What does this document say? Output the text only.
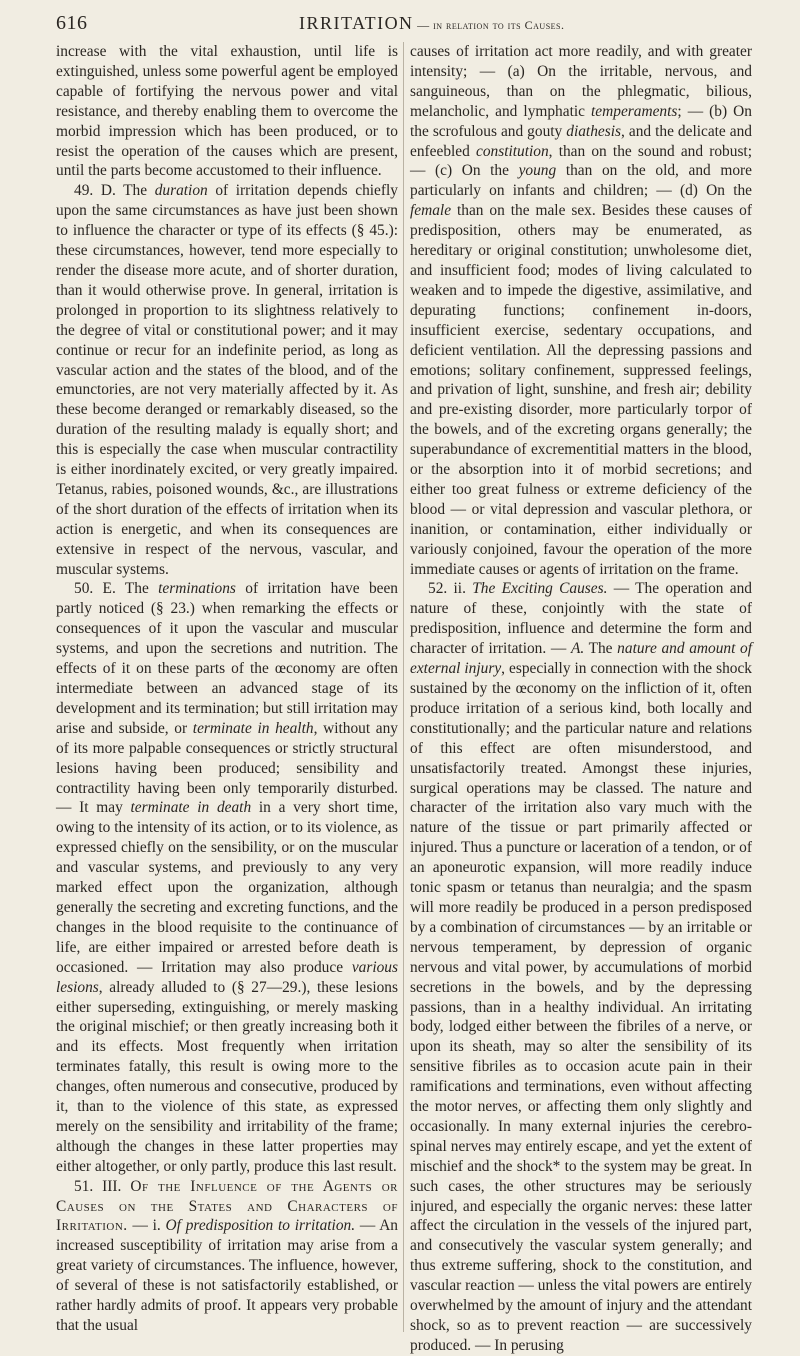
616	IRRITATION — in relation to its Causes.

increase with the vital exhaustion, until life is extinguished, unless some powerful agent be employed capable of fortifying the nervous power and vital resistance, and thereby enabling them to overcome the morbid impression which has been produced, or to resist the operation of the causes which are present, until the parts become accustomed to their influence.

49. D. The duration of irritation depends chiefly upon the same circumstances as have just been shown to influence the character or type of its effects (§ 45.): these circumstances, however, tend more especially to render the disease more acute, and of shorter duration, than it would otherwise prove. In general, irritation is prolonged in proportion to its slightness relatively to the degree of vital or constitutional power; and it may continue or recur for an indefinite period, as long as vascular action and the states of the blood, and of the emunctories, are not very materially affected by it. As these become deranged or remarkably diseased, so the duration of the resulting malady is equally short; and this is especially the case when muscular contractility is either inordinately excited, or very greatly impaired. Tetanus, rabies, poisoned wounds, &c., are illustrations of the short duration of the effects of irritation when its action is energetic, and when its consequences are extensive in respect of the nervous, vascular, and muscular systems.

50. E. The terminations of irritation have been partly noticed (§ 23.) when remarking the effects or consequences of it upon the vascular and muscular systems, and upon the secretions and nutrition. The effects of it on these parts of the œconomy are often intermediate between an advanced stage of its development and its termination; but still irritation may arise and subside, or terminate in health, without any of its more palpable consequences or strictly structural lesions having been produced; sensibility and contractility having been only temporarily disturbed. — It may terminate in death in a very short time, owing to the intensity of its action, or to its violence, as expressed chiefly on the sensibility, or on the muscular and vascular systems, and previously to any very marked effect upon the organization, although generally the secreting and excreting functions, and the changes in the blood requisite to the continuance of life, are either impaired or arrested before death is occasioned. — Irritation may also produce various lesions, already alluded to (§ 27—29.), these lesions either superseding, extinguishing, or merely masking the original mischief; or then greatly increasing both it and its effects. Most frequently when irritation terminates fatally, this result is owing more to the changes, often numerous and consecutive, produced by it, than to the violence of this state, as expressed merely on the sensibility and irritability of the frame; although the changes in these latter properties may either altogether, or only partly, produce this last result.

51. III. Of the Influence of the Agents or Causes on the States and Characters of Irritation. — i. Of predisposition to irritation. — An increased susceptibility of irritation may arise from a great variety of circumstances. The influence, however, of several of these is not satisfactorily established, or rather hardly admits of proof. It appears very probable that the usual

causes of irritation act more readily, and with greater intensity; — (a) On the irritable, nervous, and sanguineous, than on the phlegmatic, bilious, melancholic, and lymphatic temperaments; — (b) On the scrofulous and gouty diathesis, and the delicate and enfeebled constitution, than on the sound and robust; — (c) On the young than on the old, and more particularly on infants and children; — (d) On the female than on the male sex. Besides these causes of predisposition, others may be enumerated, as hereditary or original constitution; unwholesome diet, and insufficient food; modes of living calculated to weaken and to impede the digestive, assimilative, and depurating functions; confinement in-doors, insufficient exercise, sedentary occupations, and deficient ventilation. All the depressing passions and emotions; solitary confinement, suppressed feelings, and privation of light, sunshine, and fresh air; debility and pre-existing disorder, more particularly torpor of the bowels, and of the excreting organs generally; the superabundance of excrementitial matters in the blood, or the absorption into it of morbid secretions; and either too great fulness or extreme deficiency of the blood — or vital depression and vascular plethora, or inanition, or contamination, either individually or variously conjoined, favour the operation of the more immediate causes or agents of irritation on the frame.

52. ii. The Exciting Causes. — The operation and nature of these, conjointly with the state of predisposition, influence and determine the form and character of irritation. — A. The nature and amount of external injury, especially in connection with the shock sustained by the œconomy on the infliction of it, often produce irritation of a serious kind, both locally and constitutionally; and the particular nature and relations of this effect are often misunderstood, and unsatisfactorily treated. Amongst these injuries, surgical operations may be classed. The nature and character of the irritation also vary much with the nature of the tissue or part primarily affected or injured. Thus a puncture or laceration of a tendon, or of an aponeurotic expansion, will more readily induce tonic spasm or tetanus than neuralgia; and the spasm will more readily be produced in a person predisposed by a combination of circumstances — by an irritable or nervous temperament, by depression of organic nervous and vital power, by accumulations of morbid secretions in the bowels, and by the depressing passions, than in a healthy individual. An irritating body, lodged either between the fibriles of a nerve, or upon its sheath, may so alter the sensibility of its sensitive fibriles as to occasion acute pain in their ramifications and terminations, even without affecting the motor nerves, or affecting them only slightly and occasionally. In many external injuries the cerebro-spinal nerves may entirely escape, and yet the extent of mischief and the shock* to the system may be great. In such cases, the other structures may be seriously injured, and especially the organic nerves: these latter affect the circulation in the vessels of the injured part, and consecutively the vascular system generally; and thus extreme suffering, shock to the constitution, and vascular reaction — unless the vital powers are entirely overwhelmed by the amount of injury and the attendant shock, so as to prevent reaction — are successively produced. — In perusing
